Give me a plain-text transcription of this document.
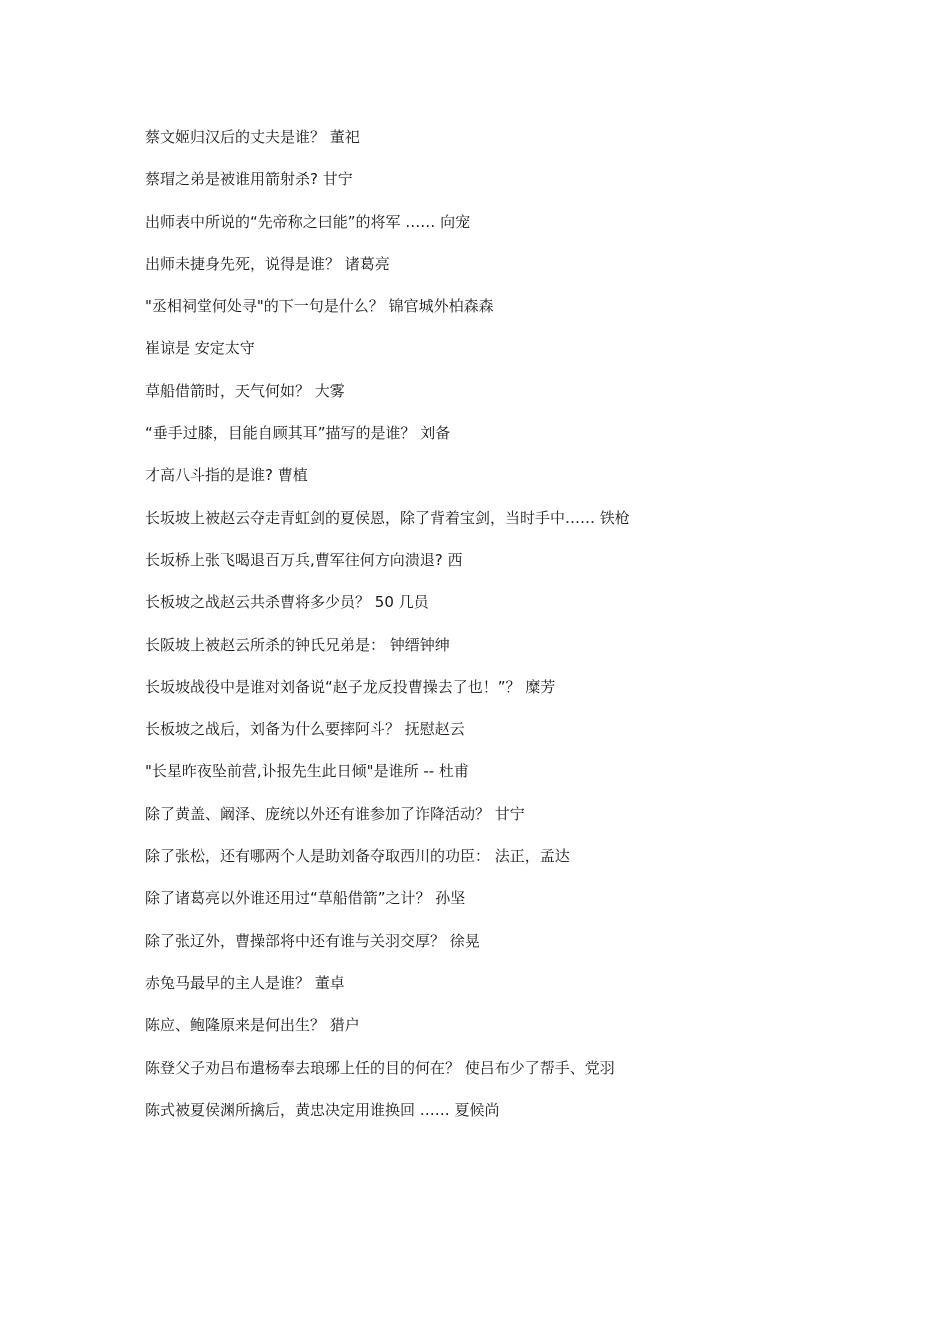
蔡文姬归汉后的丈夫是谁？ 董祀
蔡瑁之弟是被谁用箭射杀? 甘宁
出师表中所说的“先帝称之曰能”的将军 …… 向宠
出师未捷身先死，说得是谁？ 诸葛亮
"丞相祠堂何处寻"的下一句是什么？ 锦官城外柏森森
崔谅是 安定太守
草船借箭时，天气何如？ 大雾
“垂手过膝，目能自顾其耳”描写的是谁？ 刘备
才高八斗指的是谁? 曹植
长坂坡上被赵云夺走青虹剑的夏侯恩，除了背着宝剑，当时手中…… 铁枪
长坂桥上张飞喝退百万兵,曹军往何方向溃退? 西
长板坡之战赵云共杀曹将多少员？ 50 几员
长阪坡上被赵云所杀的钟氏兄弟是： 钟缙钟绅
长坂坡战役中是谁对刘备说“赵子龙反投曹操去了也！”？ 糜芳
长板坡之战后，刘备为什么要摔阿斗？ 抚慰赵云
"长星昨夜坠前营,讣报先生此日倾"是谁所 -- 杜甫
除了黄盖、阚泽、庞统以外还有谁参加了诈降活动？ 甘宁
除了张松，还有哪两个人是助刘备夺取西川的功臣： 法正，孟达
除了诸葛亮以外谁还用过“草船借箭”之计？ 孙坚
除了张辽外，曹操部将中还有谁与关羽交厚？ 徐晃
赤兔马最早的主人是谁？ 董卓
陈应、鲍隆原来是何出生？ 猎户
陈登父子劝吕布遣杨奉去琅琊上任的目的何在？ 使吕布少了帮手、党羽
陈式被夏侯渊所擒后，黄忠决定用谁换回 …… 夏候尚
